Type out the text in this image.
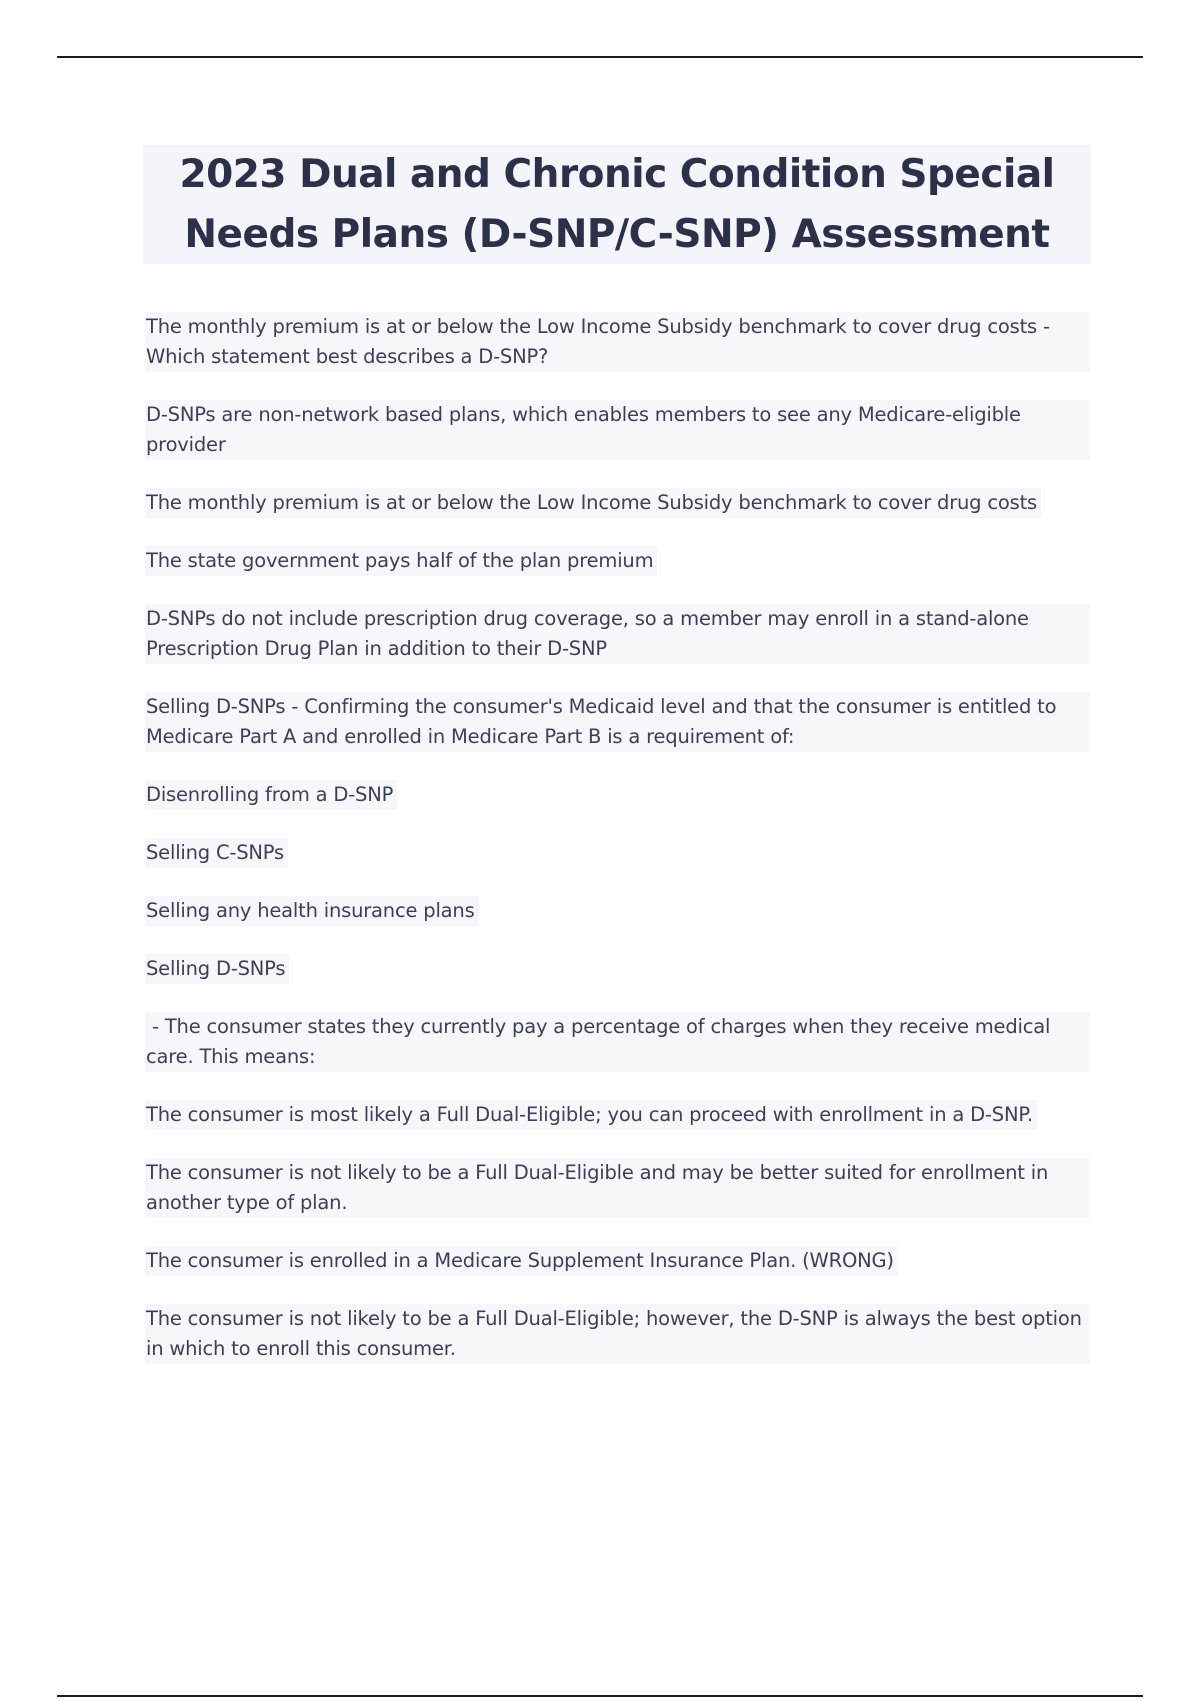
2023 Dual and Chronic Condition Special
Needs Plans (D-SNP/C-SNP) Assessment
The monthly premium is at or below the Low Income Subsidy benchmark to cover drug costs - Which statement best describes a D-SNP?
D-SNPs are non-network based plans, which enables members to see any Medicare-eligible provider
The monthly premium is at or below the Low Income Subsidy benchmark to cover drug costs
The state government pays half of the plan premium
D-SNPs do not include prescription drug coverage, so a member may enroll in a stand-alone Prescription Drug Plan in addition to their D-SNP
Selling D-SNPs - Confirming the consumer's Medicaid level and that the consumer is entitled to Medicare Part A and enrolled in Medicare Part B is a requirement of:
Disenrolling from a D-SNP
Selling C-SNPs
Selling any health insurance plans
Selling D-SNPs
- The consumer states they currently pay a percentage of charges when they receive medical care. This means:
The consumer is most likely a Full Dual-Eligible; you can proceed with enrollment in a D-SNP.
The consumer is not likely to be a Full Dual-Eligible and may be better suited for enrollment in another type of plan.
The consumer is enrolled in a Medicare Supplement Insurance Plan. (WRONG)
The consumer is not likely to be a Full Dual-Eligible; however, the D-SNP is always the best option in which to enroll this consumer.
